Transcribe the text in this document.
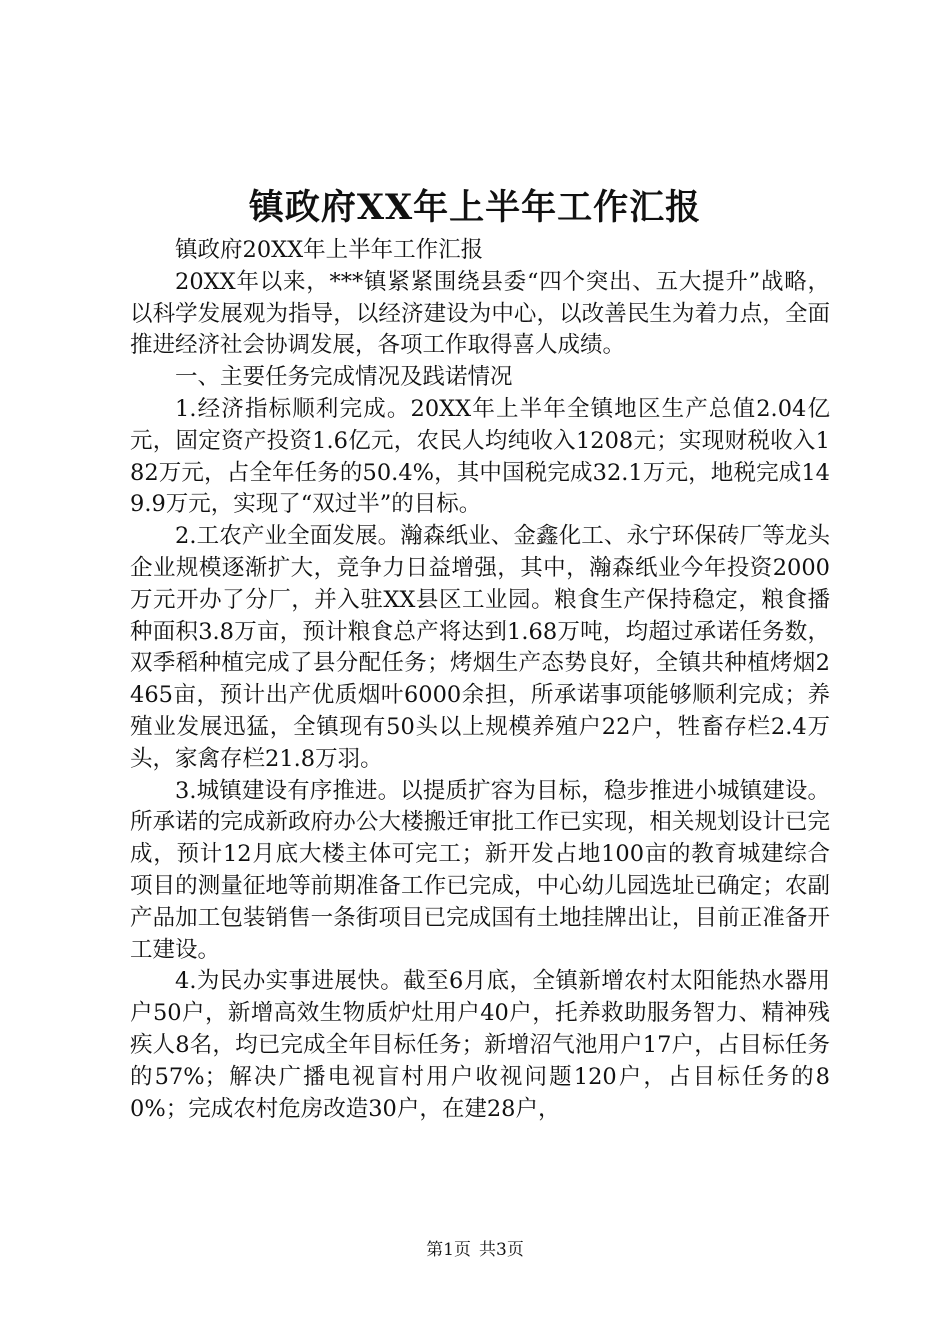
镇政府XX年上半年工作汇报

镇政府20XX年上半年工作汇报

20XX年以来，***镇紧紧围绕县委“四个突出、五大提升”战略，以科学发展观为指导，以经济建设为中心，以改善民生为着力点，全面推进经济社会协调发展，各项工作取得喜人成绩。

一、主要任务完成情况及践诺情况

1.经济指标顺利完成。20XX年上半年全镇地区生产总值2.04亿元，固定资产投资1.6亿元，农民人均纯收入1208元；实现财税收入182万元，占全年任务的50.4%，其中国税完成32.1万元，地税完成149.9万元，实现了“双过半”的目标。

2.工农产业全面发展。瀚森纸业、金鑫化工、永宁环保砖厂等龙头企业规模逐渐扩大，竞争力日益增强，其中，瀚森纸业今年投资2000万元开办了分厂，并入驻XX县区工业园。粮食生产保持稳定，粮食播种面积3.8万亩，预计粮食总产将达到1.68万吨，均超过承诺任务数，双季稻种植完成了县分配任务；烤烟生产态势良好，全镇共种植烤烟2465亩，预计出产优质烟叶6000余担，所承诺事项能够顺利完成；养殖业发展迅猛，全镇现有50头以上规模养殖户22户，牲畜存栏2.4万头，家禽存栏21.8万羽。

3.城镇建设有序推进。以提质扩容为目标，稳步推进小城镇建设。所承诺的完成新政府办公大楼搬迁审批工作已实现，相关规划设计已完成，预计12月底大楼主体可完工；新开发占地100亩的教育城建综合项目的测量征地等前期准备工作已完成，中心幼儿园选址已确定；农副产品加工包装销售一条街项目已完成国有土地挂牌出让，目前正准备开工建设。

4.为民办实事进展快。截至6月底，全镇新增农村太阳能热水器用户50户，新增高效生物质炉灶用户40户，托养救助服务智力、精神残疾人8名，均已完成全年目标任务；新增沼气池用户17户，占目标任务的57%；解决广播电视盲村用户收视问题120户，占目标任务的80%；完成农村危房改造30户，在建28户，

第1页 共3页
